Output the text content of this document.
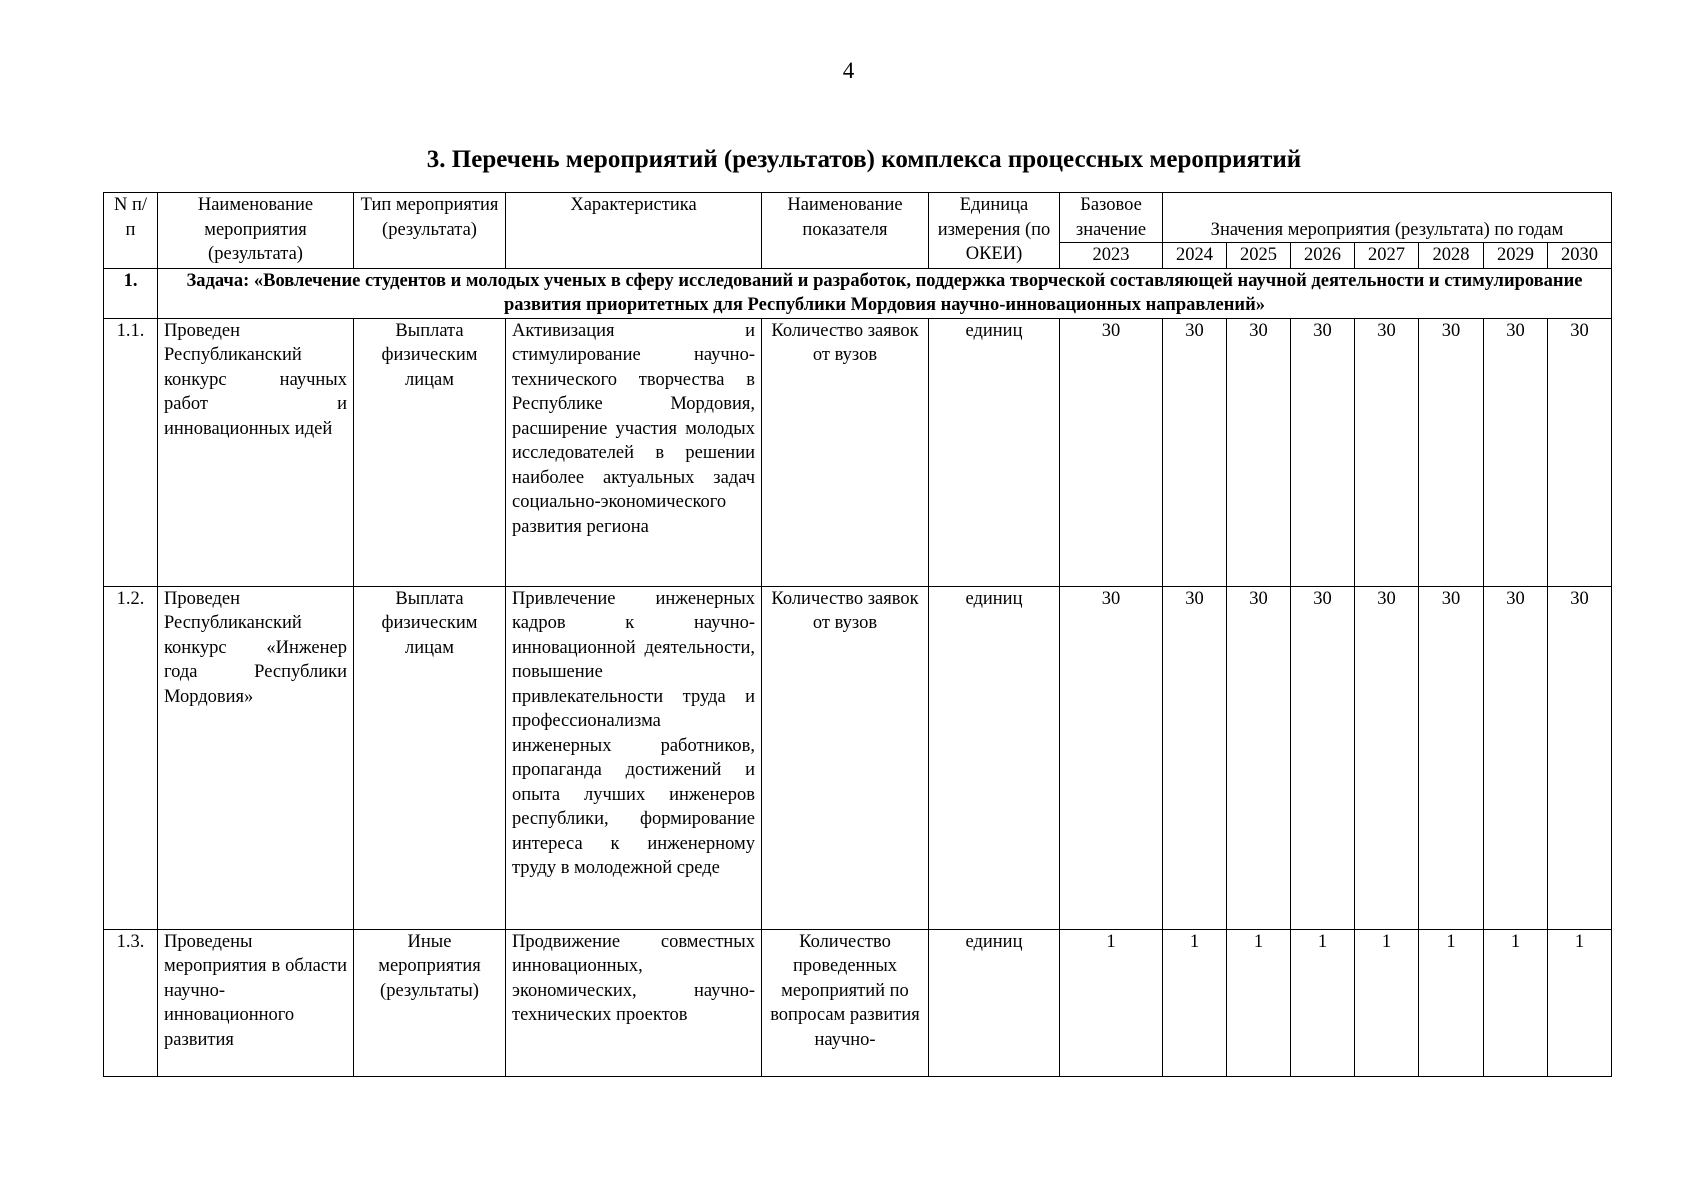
4
3. Перечень мероприятий (результатов) комплекса процессных мероприятий
N п/п	Наименование мероприятия (результата)	Тип мероприятия (результата)	Характеристика	Наименование показателя	Единица измерения (по ОКЕИ)	Базовое значение	Значения мероприятия (результата) по годам						
						2023	2024	2025	2026	2027	2028	2029	2030
1.	Задача: «Вовлечение студентов и молодых ученых в сферу исследований и разработок, поддержка творческой составляющей научной деятельности и стимулирование развития приоритетных для Республики Мордовия научно-инновационных направлений»												
1.1.	Проведен Республиканский конкурс научных работ и инновационных идей	Выплата физическим лицам	Активизация и стимулирование научно-технического творчества в Республике Мордовия, расширение участия молодых исследователей в решении наиболее актуальных задач социально-экономического развития региона	Количество заявок от вузов	единиц	30	30	30	30	30	30	30	30
1.2.	Проведен Республиканский конкурс «Инженер года Республики Мордовия»	Выплата физическим лицам	Привлечение инженерных кадров к научно-инновационной деятельности, повышение привлекательности труда и профессионализма инженерных работников, пропаганда достижений и опыта лучших инженеров республики, формирование интереса к инженерному труду в молодежной среде	Количество заявок от вузов	единиц	30	30	30	30	30	30	30	30
1.3.	Проведены мероприятия в области научно-инновационного развития	Иные мероприятия (результаты)	Продвижение совместных инновационных, экономических, научно-технических проектов	Количество проведенных мероприятий по вопросам развития научно-	единиц	1	1	1	1	1	1	1	1
